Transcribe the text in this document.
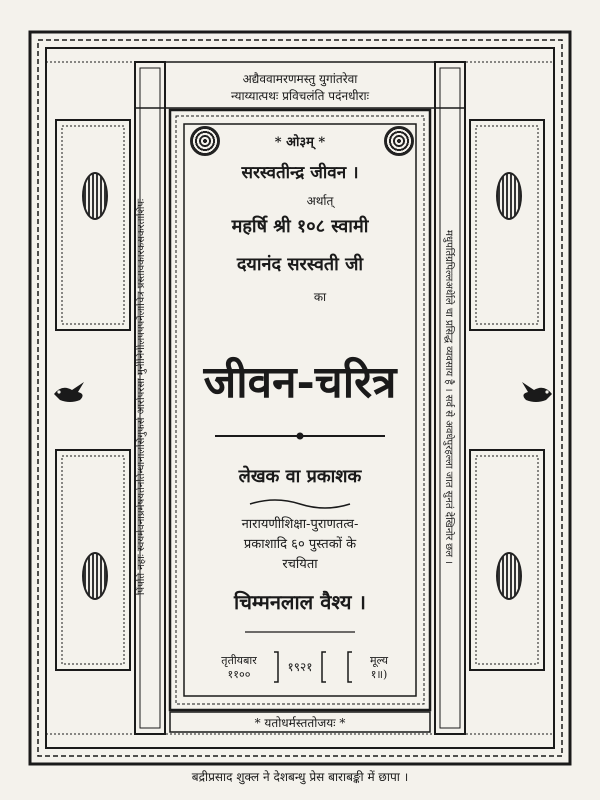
पिंपति नहाः स्वयमेवनाप्रमेषयर्तनतिन्धानालसिगुफसे आरोपरसा मुनीनिगीलपपपनैलाचित्र प्रस्तावकारकसकरताशिपः	मधुपर्तिग्रपिल्लअर्थेाले चा प्रसिद्ध व्यवसाय है । सर्व से अवधेपुरहल्ला जात सुनतं देखिनोर छल ।
अद्यैववामरणमस्तु युगांतरेवा
न्याय्यात्पथः प्रविचलंति पदंनधीराः
* ओ३म् *
सरस्वतीन्द्र जीवन ।
अर्थात्
महर्षि श्री १०८ स्वामी
दयानंद सरस्वती जी
का
जीवन-चरित्र
लेखक वा प्रकाशक
नारायणीशिक्षा-पुराणतत्व-
प्रकाशादि ६० पुस्तकों के
रचयिता
चिम्मनलाल वैश्य ।
तृतीयबार
११००
१९२१	मूल्य
१॥)
* यतोधर्मस्ततोजयः *
बद्रीप्रसाद शुक्ल ने देशबन्धु प्रेस बाराबङ्की में छापा ।
